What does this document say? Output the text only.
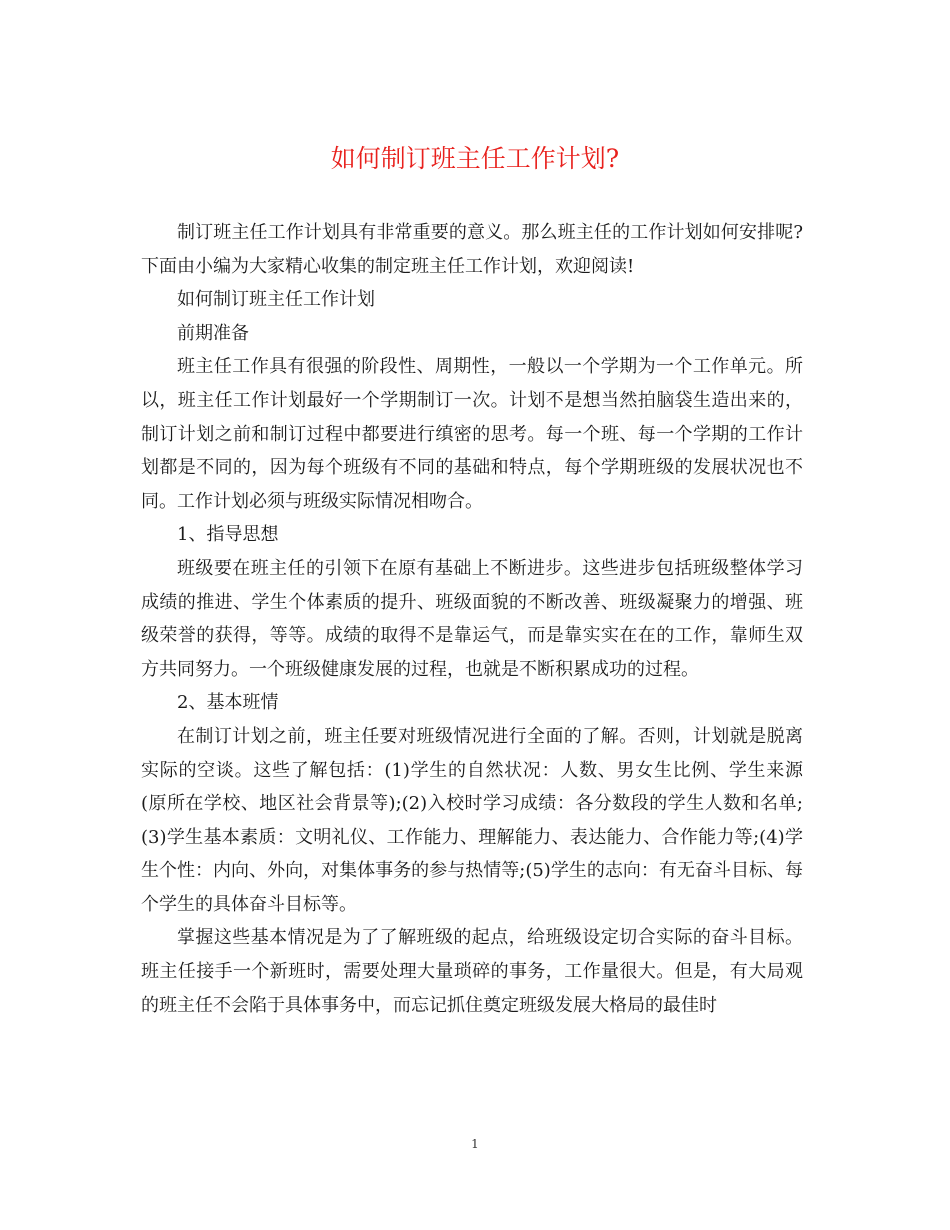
如何制订班主任工作计划?

制订班主任工作计划具有非常重要的意义。那么班主任的工作计划如何安排呢?下面由小编为大家精心收集的制定班主任工作计划，欢迎阅读!

如何制订班主任工作计划

前期准备

班主任工作具有很强的阶段性、周期性，一般以一个学期为一个工作单元。所以，班主任工作计划最好一个学期制订一次。计划不是想当然拍脑袋生造出来的，制订计划之前和制订过程中都要进行缜密的思考。每一个班、每一个学期的工作计划都是不同的，因为每个班级有不同的基础和特点，每个学期班级的发展状况也不同。工作计划必须与班级实际情况相吻合。

1、指导思想

班级要在班主任的引领下在原有基础上不断进步。这些进步包括班级整体学习成绩的推进、学生个体素质的提升、班级面貌的不断改善、班级凝聚力的增强、班级荣誉的获得，等等。成绩的取得不是靠运气，而是靠实实在在的工作，靠师生双方共同努力。一个班级健康发展的过程，也就是不断积累成功的过程。

2、基本班情

在制订计划之前，班主任要对班级情况进行全面的了解。否则，计划就是脱离实际的空谈。这些了解包括：(1)学生的自然状况：人数、男女生比例、学生来源(原所在学校、地区社会背景等);(2)入校时学习成绩：各分数段的学生人数和名单;(3)学生基本素质：文明礼仪、工作能力、理解能力、表达能力、合作能力等;(4)学生个性：内向、外向，对集体事务的参与热情等;(5)学生的志向：有无奋斗目标、每个学生的具体奋斗目标等。

掌握这些基本情况是为了了解班级的起点，给班级设定切合实际的奋斗目标。班主任接手一个新班时，需要处理大量琐碎的事务，工作量很大。但是，有大局观的班主任不会陷于具体事务中，而忘记抓住奠定班级发展大格局的最佳时

1
